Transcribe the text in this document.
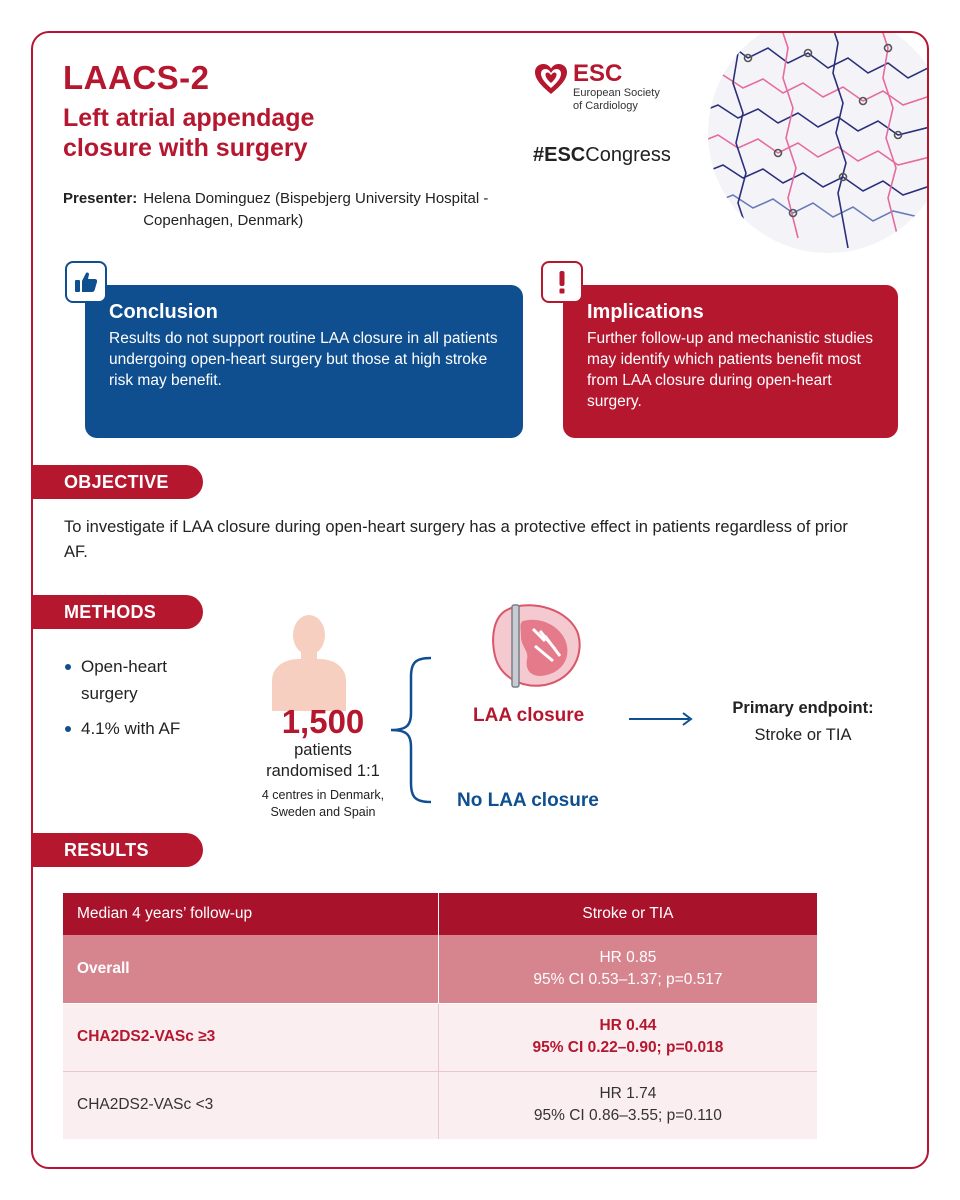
LAACS-2
Left atrial appendage closure with surgery
Presenter: Helena Dominguez (Bispebjerg University Hospital - Copenhagen, Denmark)
ESC
European Society
of Cardiology
#ESCCongress
Conclusion

Results do not support routine LAA closure in all patients undergoing open-heart surgery but those at high stroke risk may benefit.

Implications

Further follow-up and mechanistic studies may identify which patients benefit most from LAA closure during open-heart surgery.

OBJECTIVE
To investigate if LAA closure during open-heart surgery has a protective effect in patients regardless of prior AF.
METHODS
Open-heart surgery
4.1% with AF	1,500
patients
randomised 1:1
4 centres in Denmark,
Sweden and Spain
LAA closure
No LAA closure
Primary endpoint:
Stroke or TIA
RESULTS
Median 4 years’ follow-up	Stroke or TIA
Overall	HR 0.85
95% CI 0.53–1.37; p=0.517

CHA2DS2-VASc ≥3	HR 0.44
95% CI 0.22–0.90; p=0.018

CHA2DS2-VASc <3	HR 1.74
95% CI 0.86–3.55; p=0.110
